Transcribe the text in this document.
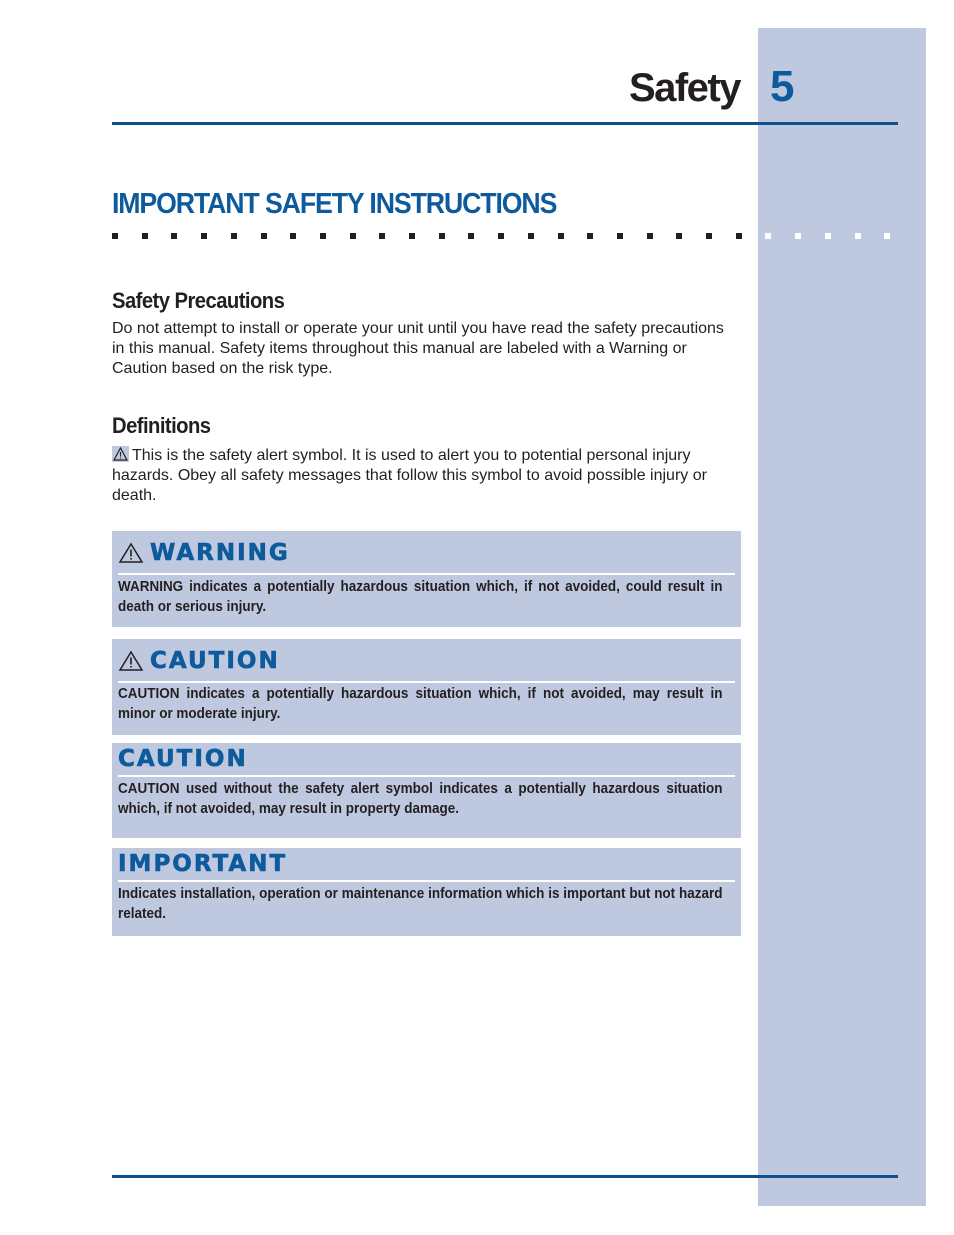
Safety 5
IMPORTANT SAFETY INSTRUCTIONS
Safety Precautions

Do not attempt to install or operate your unit until you have read the safety precautions in this manual. Safety items throughout this manual are labeled with a Warning or Caution based on the risk type.

Definitions

This is the safety alert symbol. It is used to alert you to potential personal injury hazards. Obey all safety messages that follow this symbol to avoid possible injury or death.

WARNING

WARNING indicates a potentially hazardous situation which, if not avoided, could result in death or serious injury.

CAUTION

CAUTION indicates a potentially hazardous situation which, if not avoided, may result in minor or moderate injury.

CAUTION

CAUTION used without the safety alert symbol indicates a potentially hazardous situation which, if not avoided, may result in property damage.

IMPORTANT

Indicates installation, operation or maintenance information which is important but not hazard related.
